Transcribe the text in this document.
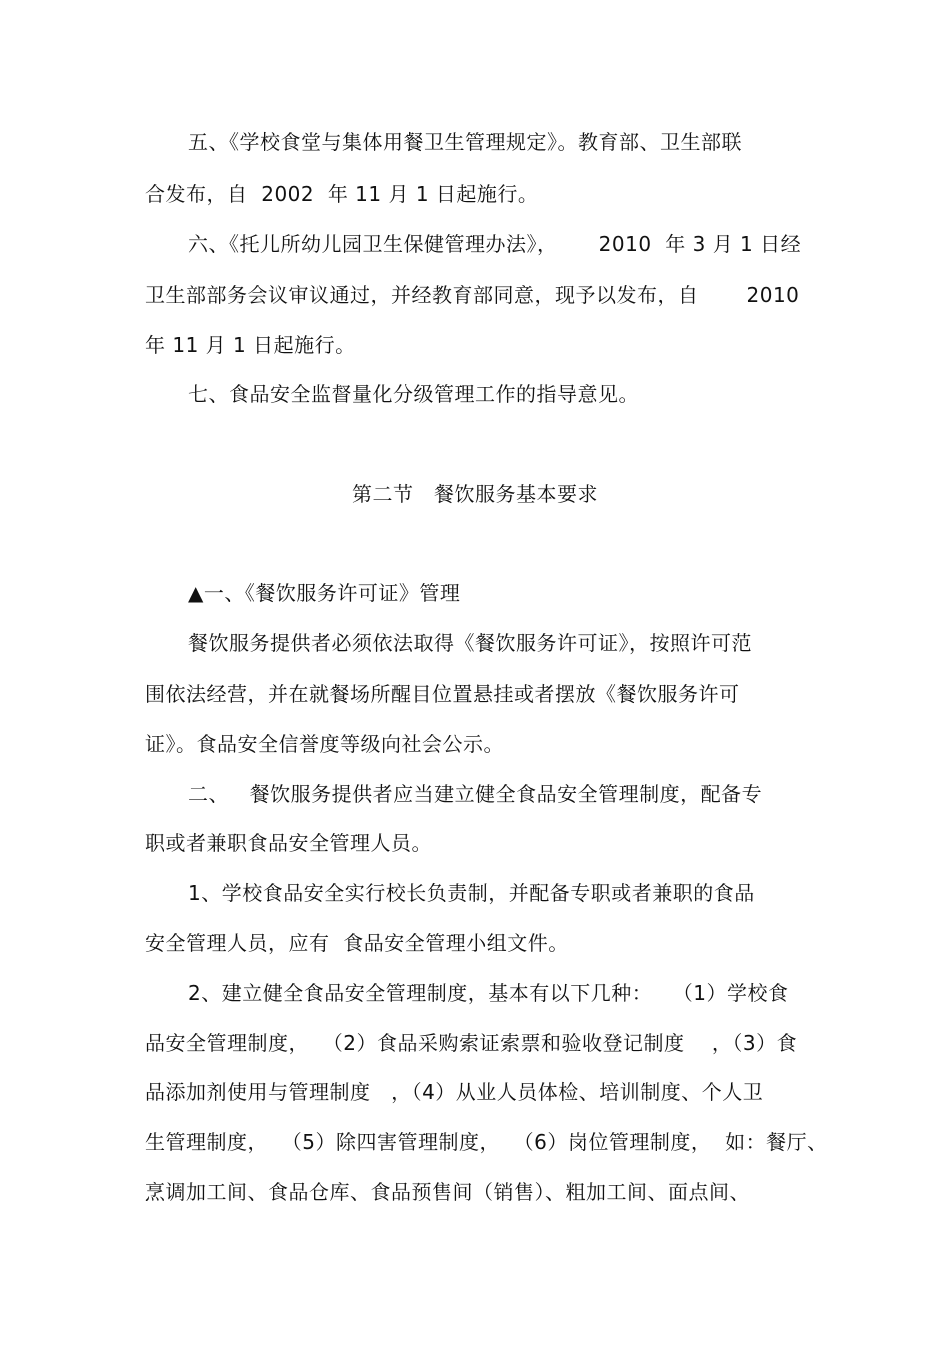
五、《学校食堂与集体用餐卫生管理规定》。教育部、卫生部联
合发布，自  2002  年 11 月 1 日起施行。
六、《托儿所幼儿园卫生保健管理办法》，      2010  年 3 月 1 日经
卫生部部务会议审议通过，并经教育部同意，现予以发布，自       2010
年 11 月 1 日起施行。
七、食品安全监督量化分级管理工作的指导意见。
第二节   餐饮服务基本要求
▲一、《餐饮服务许可证》管理
餐饮服务提供者必须依法取得《餐饮服务许可证》，按照许可范
围依法经营，并在就餐场所醒目位置悬挂或者摆放《餐饮服务许可
证》。食品安全信誉度等级向社会公示。
二、   餐饮服务提供者应当建立健全食品安全管理制度，配备专
职或者兼职食品安全管理人员。
1、学校食品安全实行校长负责制，并配备专职或者兼职的食品
安全管理人员，应有  食品安全管理小组文件。
2、建立健全食品安全管理制度，基本有以下几种：   （1）学校食
品安全管理制度，  （2）食品采购索证索票和验收登记制度    ，（3）食
品添加剂使用与管理制度   ，（4）从业人员体检、培训制度、个人卫
生管理制度，  （5）除四害管理制度，  （6）岗位管理制度，  如：餐厅、
烹调加工间、食品仓库、食品预售间（销售）、粗加工间、面点间、
